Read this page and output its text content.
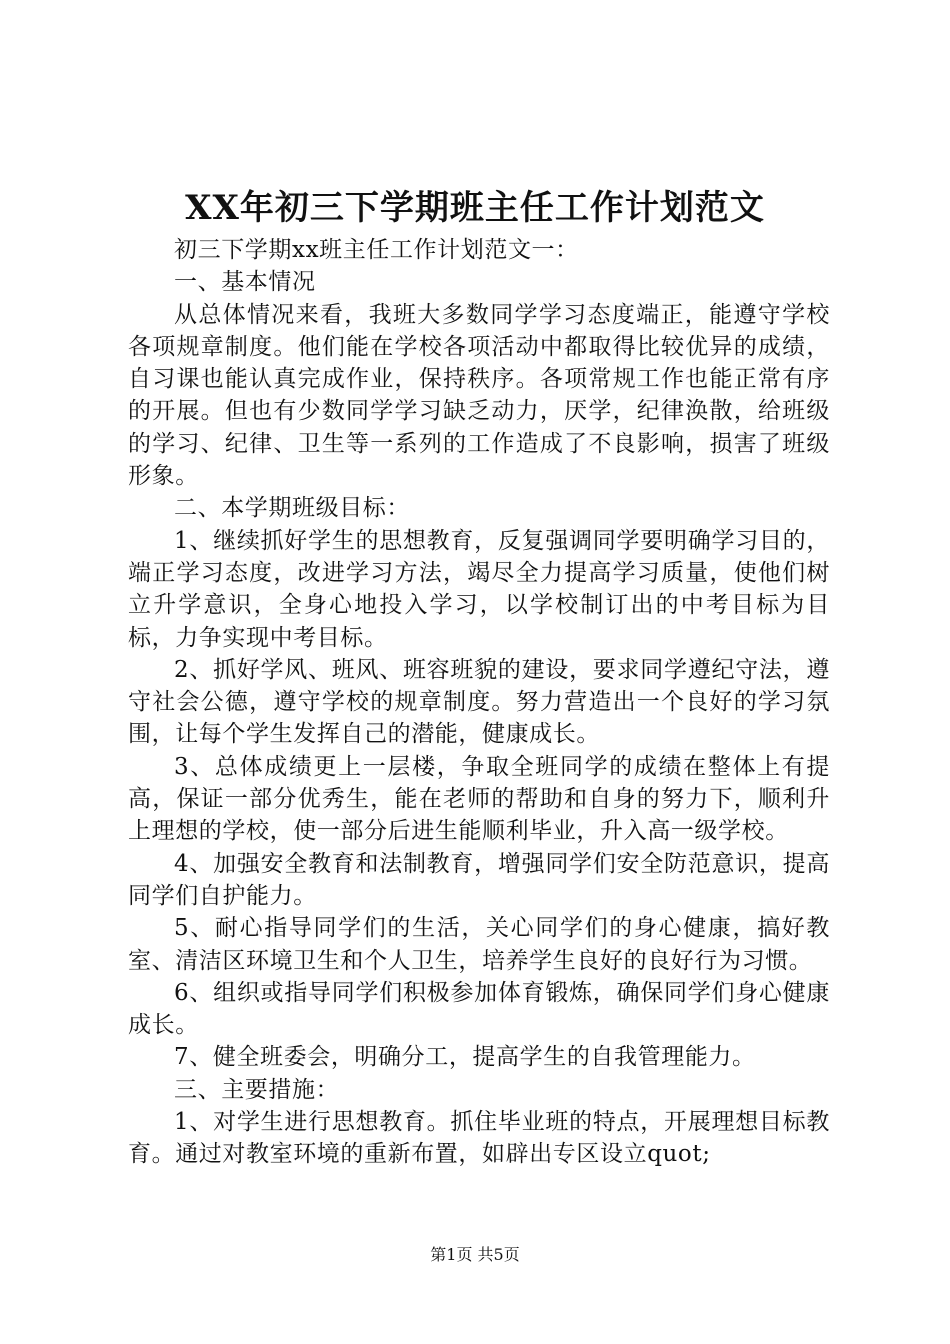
XX年初三下学期班主任工作计划范文

初三下学期xx班主任工作计划范文一：

一、基本情况

从总体情况来看，我班大多数同学学习态度端正，能遵守学校各项规章制度。他们能在学校各项活动中都取得比较优异的成绩，自习课也能认真完成作业，保持秩序。各项常规工作也能正常有序的开展。但也有少数同学学习缺乏动力，厌学，纪律涣散，给班级的学习、纪律、卫生等一系列的工作造成了不良影响，损害了班级形象。

二、本学期班级目标：

1、继续抓好学生的思想教育，反复强调同学要明确学习目的，端正学习态度，改进学习方法，竭尽全力提高学习质量，使他们树立升学意识，全身心地投入学习，以学校制订出的中考目标为目标，力争实现中考目标。

2、抓好学风、班风、班容班貌的建设，要求同学遵纪守法，遵守社会公德，遵守学校的规章制度。努力营造出一个良好的学习氛围，让每个学生发挥自己的潜能，健康成长。

3、总体成绩更上一层楼，争取全班同学的成绩在整体上有提高，保证一部分优秀生，能在老师的帮助和自身的努力下，顺利升上理想的学校，使一部分后进生能顺利毕业，升入高一级学校。

4、加强安全教育和法制教育，增强同学们安全防范意识，提高同学们自护能力。

5、耐心指导同学们的生活，关心同学们的身心健康，搞好教室、清洁区环境卫生和个人卫生，培养学生良好的良好行为习惯。

6、组织或指导同学们积极参加体育锻炼，确保同学们身心健康成长。

7、健全班委会，明确分工，提高学生的自我管理能力。

三、主要措施：

1、对学生进行思想教育。抓住毕业班的特点，开展理想目标教育。通过对教室环境的重新布置，如辟出专区设立quot;

第1页 共5页
